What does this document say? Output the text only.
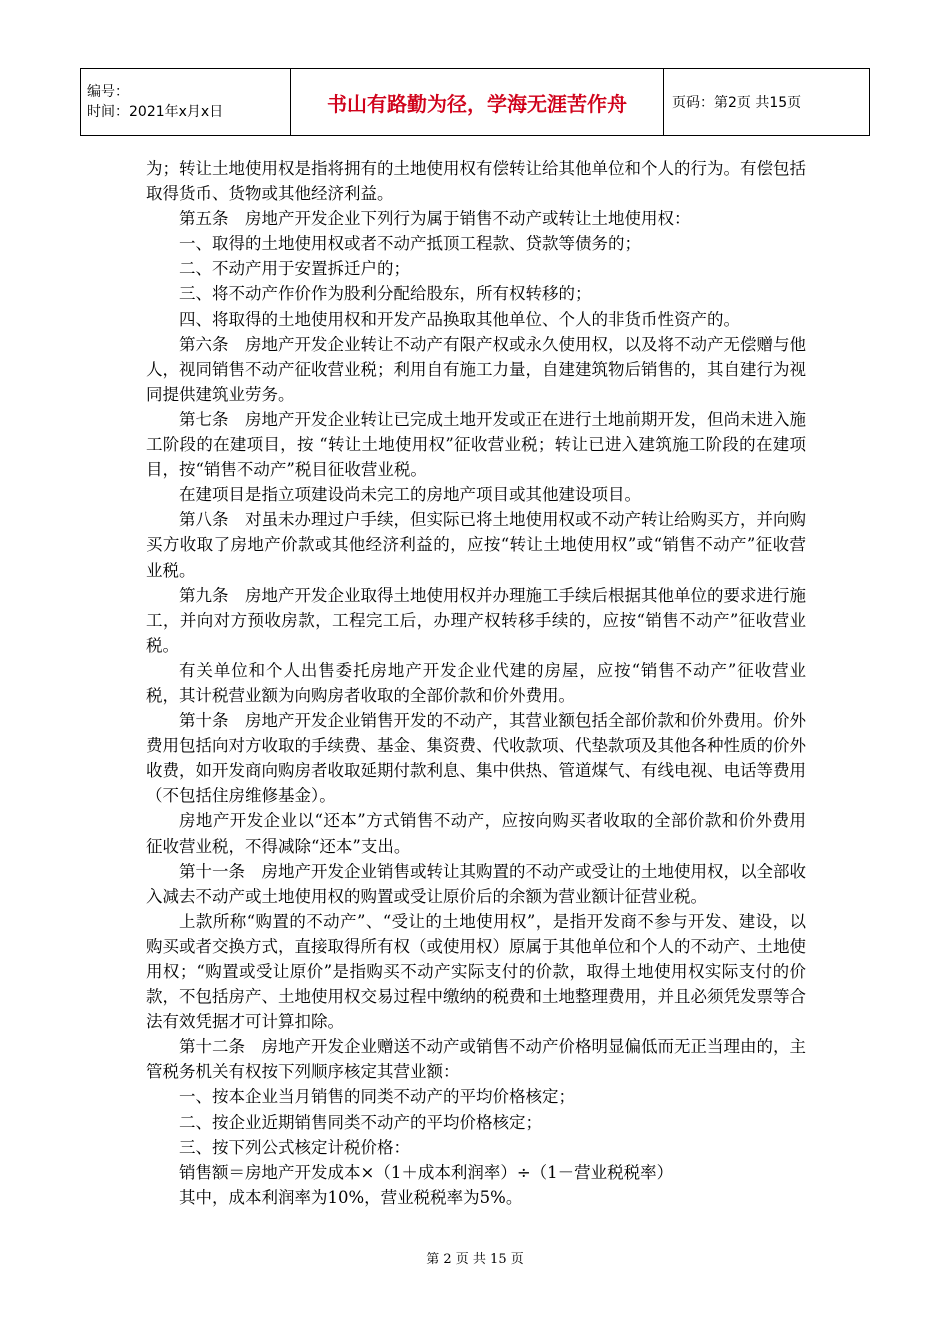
编号：
时间：2021年x月x日	书山有路勤为径，学海无涯苦作舟	页码：第2页 共15页

为；转让土地使用权是指将拥有的土地使用权有偿转让给其他单位和个人的行为。有偿包括取得货币、货物或其他经济利益。

第五条　房地产开发企业下列行为属于销售不动产或转让土地使用权：

一、取得的土地使用权或者不动产抵顶工程款、贷款等债务的；

二、不动产用于安置拆迁户的；

三、将不动产作价作为股利分配给股东，所有权转移的；

四、将取得的土地使用权和开发产品换取其他单位、个人的非货币性资产的。

第六条　房地产开发企业转让不动产有限产权或永久使用权，以及将不动产无偿赠与他人，视同销售不动产征收营业税；利用自有施工力量，自建建筑物后销售的，其自建行为视同提供建筑业劳务。

第七条　房地产开发企业转让已完成土地开发或正在进行土地前期开发，但尚未进入施工阶段的在建项目，按 “转让土地使用权”征收营业税；转让已进入建筑施工阶段的在建项目，按“销售不动产”税目征收营业税。

在建项目是指立项建设尚未完工的房地产项目或其他建设项目。

第八条　对虽未办理过户手续，但实际已将土地使用权或不动产转让给购买方，并向购买方收取了房地产价款或其他经济利益的，应按“转让土地使用权”或“销售不动产”征收营业税。

第九条　房地产开发企业取得土地使用权并办理施工手续后根据其他单位的要求进行施工，并向对方预收房款，工程完工后，办理产权转移手续的，应按“销售不动产”征收营业税。

有关单位和个人出售委托房地产开发企业代建的房屋，应按“销售不动产”征收营业税，其计税营业额为向购房者收取的全部价款和价外费用。

第十条　房地产开发企业销售开发的不动产，其营业额包括全部价款和价外费用。价外费用包括向对方收取的手续费、基金、集资费、代收款项、代垫款项及其他各种性质的价外收费，如开发商向购房者收取延期付款利息、集中供热、管道煤气、有线电视、电话等费用（不包括住房维修基金）。

房地产开发企业以“还本”方式销售不动产，应按向购买者收取的全部价款和价外费用征收营业税，不得减除“还本”支出。

第十一条　房地产开发企业销售或转让其购置的不动产或受让的土地使用权，以全部收入减去不动产或土地使用权的购置或受让原价后的余额为营业额计征营业税。

上款所称“购置的不动产”、“受让的土地使用权”，是指开发商不参与开发、建设，以购买或者交换方式，直接取得所有权（或使用权）原属于其他单位和个人的不动产、土地使用权；“购置或受让原价”是指购买不动产实际支付的价款，取得土地使用权实际支付的价款，不包括房产、土地使用权交易过程中缴纳的税费和土地整理费用，并且必须凭发票等合法有效凭据才可计算扣除。

第十二条　房地产开发企业赠送不动产或销售不动产价格明显偏低而无正当理由的，主管税务机关有权按下列顺序核定其营业额：

一、按本企业当月销售的同类不动产的平均价格核定；

二、按企业近期销售同类不动产的平均价格核定；

三、按下列公式核定计税价格：

销售额＝房地产开发成本×（1＋成本利润率）÷（1－营业税税率）

其中，成本利润率为10%，营业税税率为5%。

第 2 页 共 15 页
